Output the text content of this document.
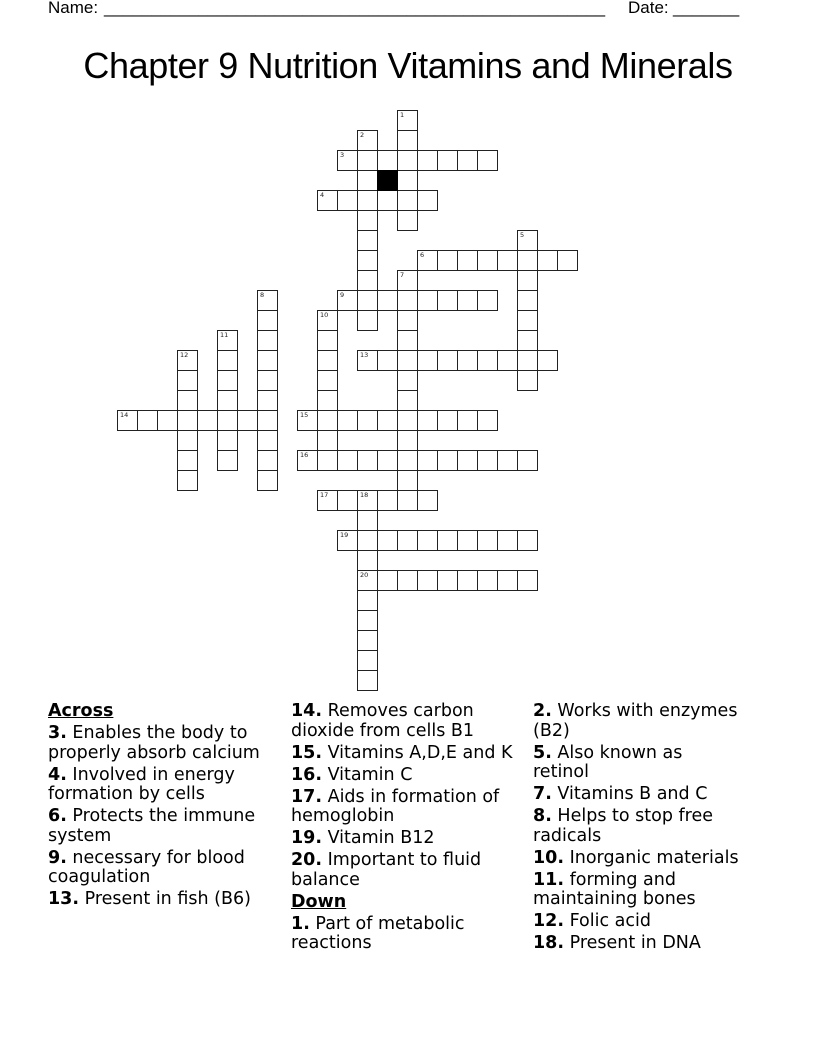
Name: _____________________________________________________ Date: _______
Chapter 9 Nutrition Vitamins and Minerals
1
2
3
4
5
6
7
8	9
10
11
12	13
14	15
16
17	18
20
19
Across
3 . Enables the body to properly absorb calcium
4 . Involved in energy formation by cells
6 . Protects the immune system
9 . necessary for blood coagulation
13 . Present in fish (B6)
14 . Removes carbon dioxide from cells B1
15 . Vitamins A,D,E and K
16 . Vitamin C
17 . Aids in formation of hemoglobin
19 . Vitamin B12
20 . Important to fluid balance
Down
1 . Part of metabolic reactions
2 . Works with enzymes (B2)
5 . Also known as retinol
7 . Vitamins B and C
8 . Helps to stop free radicals
10 . Inorganic materials
11 . forming and maintaining bones
12 . Folic acid
18 . Present in DNA
